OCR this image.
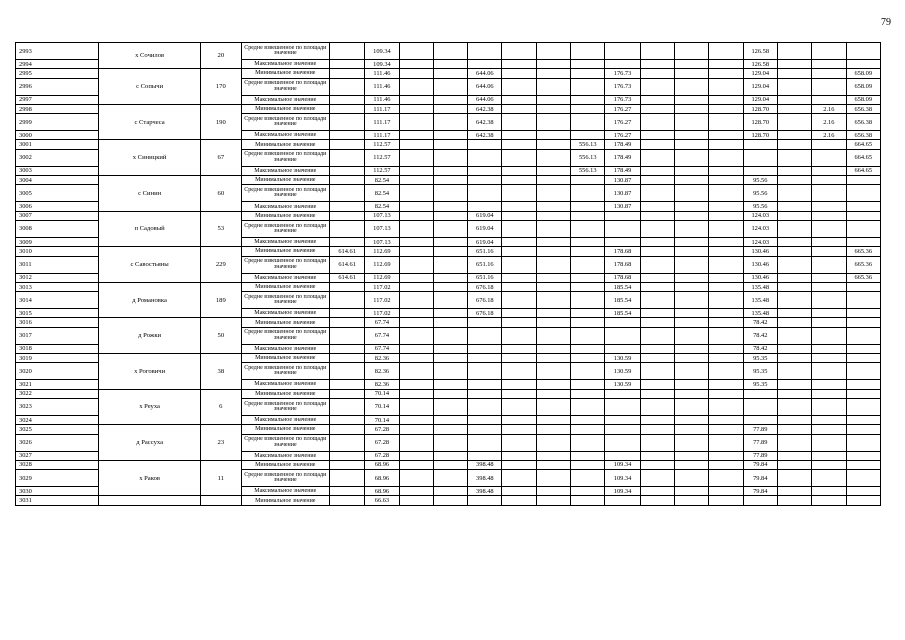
79
2993	х Сочилов	20	Средне взвешенное по площади значение		109.34											126.58			
2994			Максимальное значение		109.34											126.58			
2995	с Сопычи	170	Минимальное значение		111.46			644.06				176.73				129.04			658.09
2996			Средне взвешенное по площади значение		111.46			644.06				176.73				129.04			658.09
2997			Максимальное значение		111.46			644.06				176.73				129.04			658.09
2998	с Старчеса	190	Минимальное значение		111.17			642.38				176.27				128.70		2.16	656.38
2999			Средне взвешенное по площади значение		111.17			642.38				176.27				128.70		2.16	656.38
3000			Максимальное значение		111.17			642.38				176.27				128.70		2.16	656.38
3001	х Синицкий	67	Минимальное значение		112.57						556.13	178.49							664.65
3002			Средне взвешенное по площади значение		112.57						556.13	178.49							664.65
3003			Максимальное значение		112.57						556.13	178.49							664.65
3004	с Синин	60	Минимальное значение		82.54							130.87				95.56			
3005			Средне взвешенное по площади значение		82.54							130.87				95.56			
3006			Максимальное значение		82.54							130.87				95.56			
3007	п Садовый	53	Минимальное значение		107.13			619.04								124.03			
3008			Средне взвешенное по площади значение		107.13			619.04								124.03			
3009			Максимальное значение		107.13			619.04								124.03			
3010	с Савостьяны	229	Минимальное значение	614.61	112.69			651.16				178.68				130.46			665.36
3011			Средне взвешенное по площади значение	614.61	112.69			651.16				178.68				130.46			665.36
3012			Максимальное значение	614.61	112.69			651.16				178.68				130.46			665.36
3013	д Романовка	189	Минимальное значение		117.02			676.18				185.54				135.48			
3014			Средне взвешенное по площади значение		117.02			676.18				185.54				135.48			
3015			Максимальное значение		117.02			676.18				185.54				135.48			
3016	д Рожки	50	Минимальное значение		67.74											78.42			
3017			Средне взвешенное по площади значение		67.74											78.42			
3018			Максимальное значение		67.74											78.42			
3019	х Роговичи	38	Минимальное значение		82.36							130.59				95.35			
3020			Средне взвешенное по площади значение		82.36							130.59				95.35			
3021			Максимальное значение		82.36							130.59				95.35			
3022	х Реуха	6	Минимальное значение		70.14														
3023			Средне взвешенное по площади значение		70.14														
3024			Максимальное значение		70.14														
3025	д Рассуха	23	Минимальное значение		67.28											77.89			
3026			Средне взвешенное по площади значение		67.28											77.89			
3027			Максимальное значение		67.28											77.89			
3028	х Раков	11	Минимальное значение		68.96			398.48				109.34				79.84			
3029			Средне взвешенное по площади значение		68.96			398.48				109.34				79.84			
3030			Максимальное значение		68.96			398.48				109.34				79.84			
3031			Минимальное значение		66.63														
